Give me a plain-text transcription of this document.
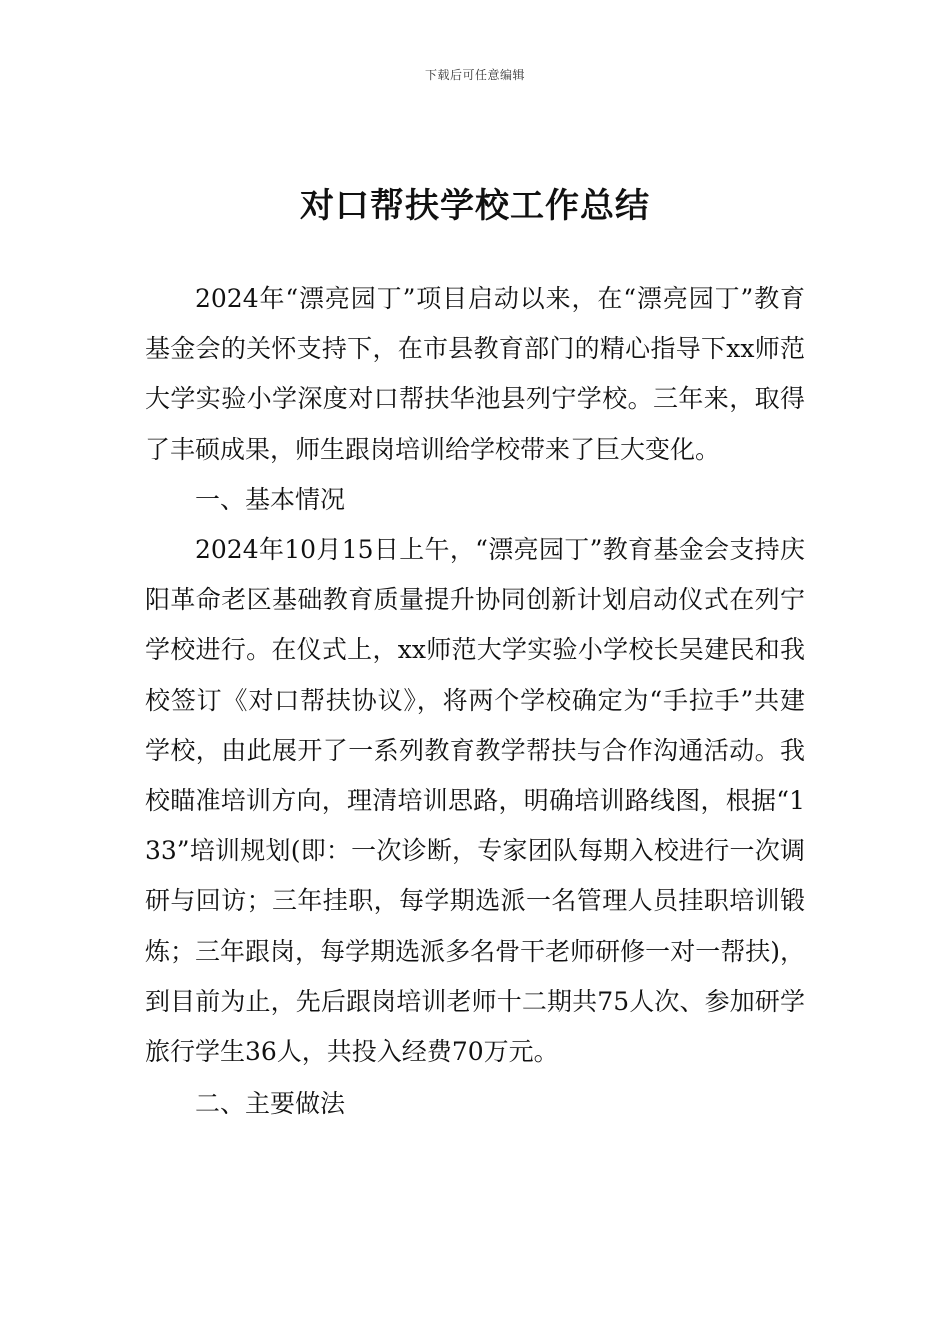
下载后可任意编辑
对口帮扶学校工作总结

2024年“漂亮园丁”项目启动以来，在“漂亮园丁”教育基金会的关怀支持下，在市县教育部门的精心指导下xx师范大学实验小学深度对口帮扶华池县列宁学校。三年来，取得了丰硕成果，师生跟岗培训给学校带来了巨大变化。

一、基本情况

2024年10月15日上午，“漂亮园丁”教育基金会支持庆阳革命老区基础教育质量提升协同创新计划启动仪式在列宁学校进行。在仪式上，xx师范大学实验小学校长吴建民和我校签订《对口帮扶协议》，将两个学校确定为“手拉手”共建学校，由此展开了一系列教育教学帮扶与合作沟通活动。我校瞄准培训方向，理清培训思路，明确培训路线图，根据“133”培训规划(即：一次诊断，专家团队每期入校进行一次调研与回访；三年挂职，每学期选派一名管理人员挂职培训锻炼；三年跟岗，每学期选派多名骨干老师研修一对一帮扶)，到目前为止，先后跟岗培训老师十二期共75人次、参加研学旅行学生36人，共投入经费70万元。

二、主要做法
